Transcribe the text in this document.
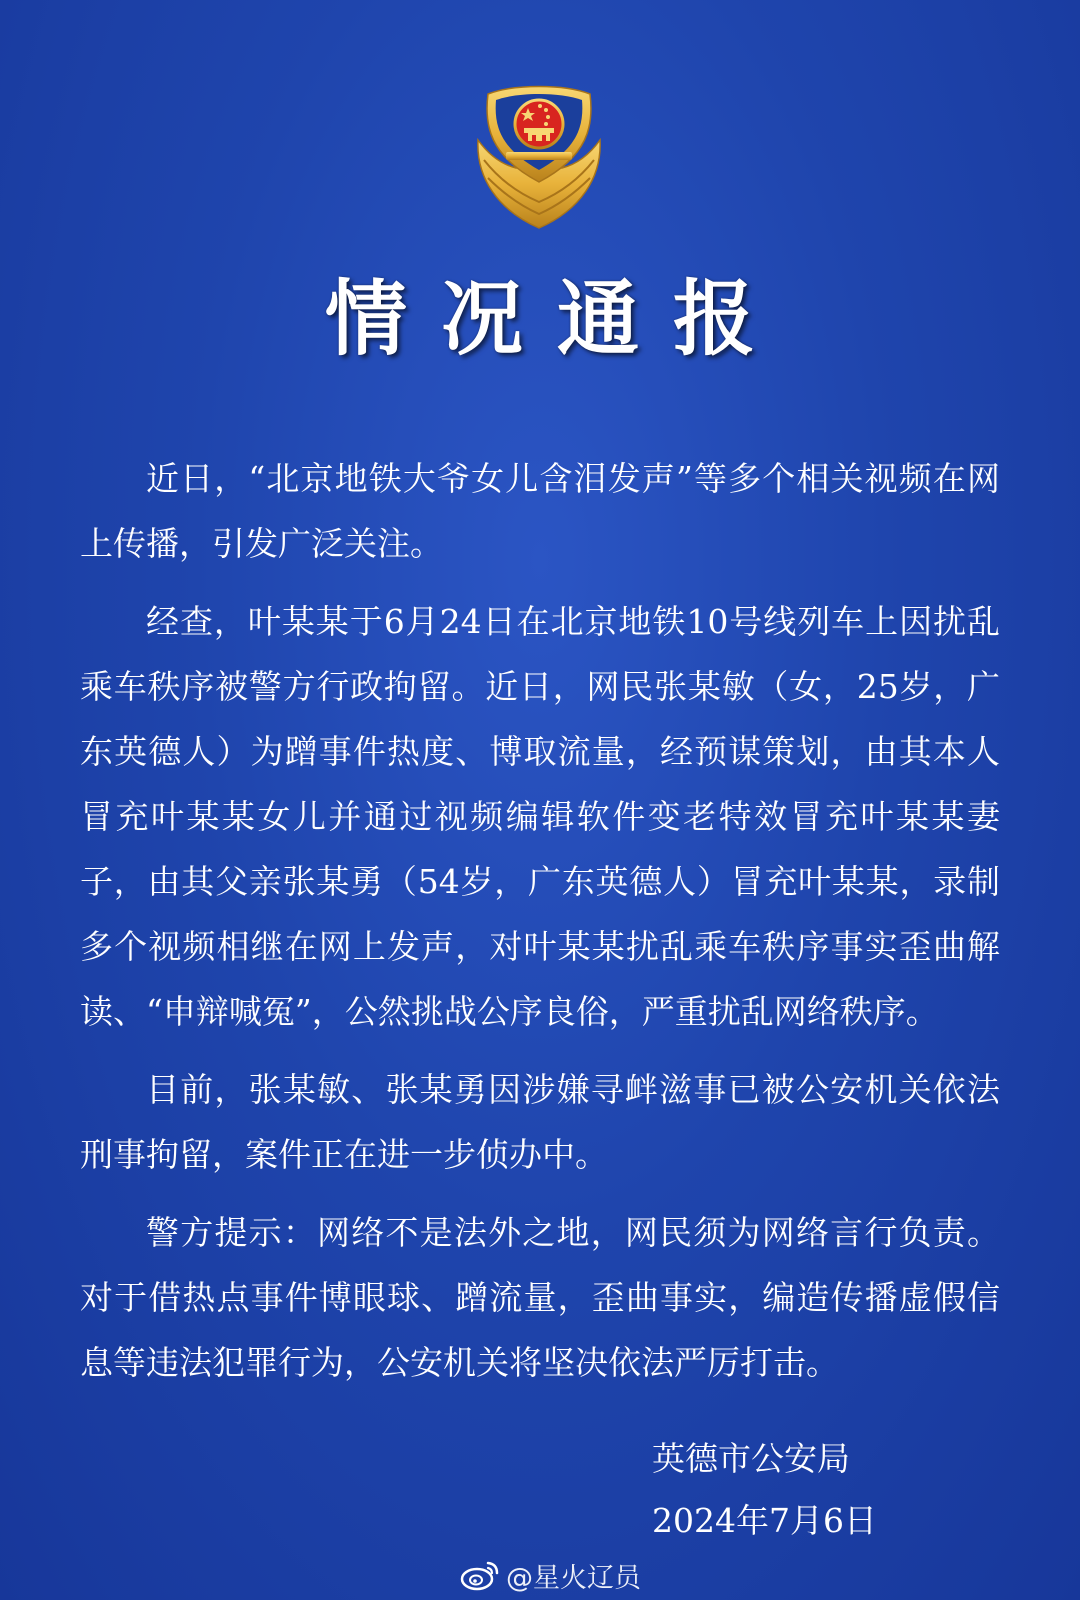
情况通报

近日，“北京地铁大爷女儿含泪发声”等多个相关视频在网上传播，引发广泛关注。

经查，叶某某于6月24日在北京地铁10号线列车上因扰乱乘车秩序被警方行政拘留。近日，网民张某敏（女，25岁，广东英德人）为蹭事件热度、博取流量，经预谋策划，由其本人冒充叶某某女儿并通过视频编辑软件变老特效冒充叶某某妻子，由其父亲张某勇（54岁，广东英德人）冒充叶某某，录制多个视频相继在网上发声，对叶某某扰乱乘车秩序事实歪曲解读、“申辩喊冤”，公然挑战公序良俗，严重扰乱网络秩序。

目前，张某敏、张某勇因涉嫌寻衅滋事已被公安机关依法刑事拘留，案件正在进一步侦办中。

警方提示：网络不是法外之地，网民须为网络言行负责。对于借热点事件博眼球、蹭流量，歪曲事实，编造传播虚假信息等违法犯罪行为，公安机关将坚决依法严厉打击。

英德市公安局
2024年7月6日
@星火辽员
